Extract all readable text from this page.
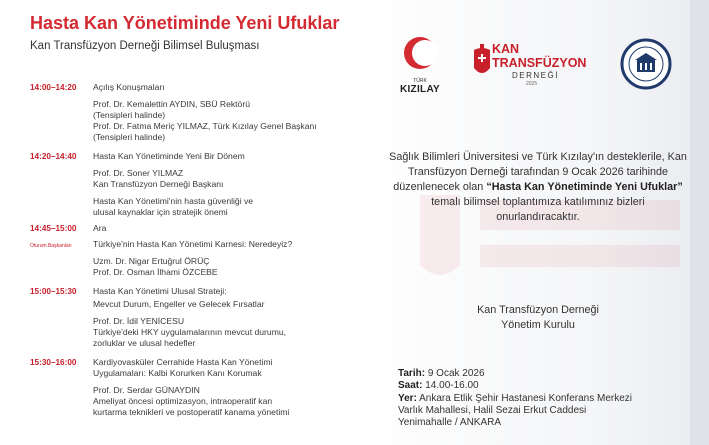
Hasta Kan Yönetiminde Yeni Ufuklar
Kan Transfüzyon Derneği Bilimsel Buluşması
14:00–14:20	Açılış Konuşmaları

Prof. Dr. Kemalettin AYDIN, SBÜ Rektörü

(Tensipleri halinde)

Prof. Dr. Fatma Meriç YILMAZ, Türk Kızılay Genel Başkanı

(Tensipleri halinde)

14:20–14:40	Hasta Kan Yönetiminde Yeni Bir Dönem

Prof. Dr. Soner YILMAZ

Kan Transfüzyon Derneği Başkanı

Hasta Kan Yönetimi'nin hasta güvenliği ve

ulusal kaynaklar için stratejik önemi

14:45–15:00	Ara

Oturum Başkanları	Türkiye'nin Hasta Kan Yönetimi Karnesi: Neredeyiz?

Uzm. Dr. Nigar Ertuğrul ÖRÜÇ

Prof. Dr. Osman İlhami ÖZCEBE

15:00–15:30	Hasta Kan Yönetimi Ulusal Strateji:

Mevcut Durum, Engeller ve Gelecek Fırsatlar

Prof. Dr. İdil YENİCESU

Türkiye'deki HKY uygulamalarının mevcut durumu,

zorluklar ve ulusal hedefler

15:30–16:00	Kardiyovasküler Cerrahide Hasta Kan Yönetimi

Uygulamaları: Kalbi Korurken Kanı Korumak

Prof. Dr. Serdar GÜNAYDIN

Ameliyat öncesi optimizasyon, intraoperatif kan

kurtarma teknikleri ve postoperatif kanama yönetimi

TÜRK
KIZILAY
KAN
TRANSFÜZYON
DERNEĞİ
2025
Sağlık Bilimleri Üniversitesi ve Türk Kızılay'ın desteklerile, Kan Transfüzyon Derneği tarafından 9 Ocak 2026 tarihinde düzenlenecek olan “Hasta Kan Yönetiminde Yeni Ufuklar” temalı bilimsel toplantımıza katılımınız bizleri onurlandıracaktır.
Kan Transfüzyon Derneği
Yönetim Kurulu
Tarih: 9 Ocak 2026
Saat: 14.00-16.00
Yer: Ankara Etlik Şehir Hastanesi Konferans Merkezi
Varlık Mahallesi, Halil Sezai Erkut Caddesi
Yenimahalle / ANKARA
